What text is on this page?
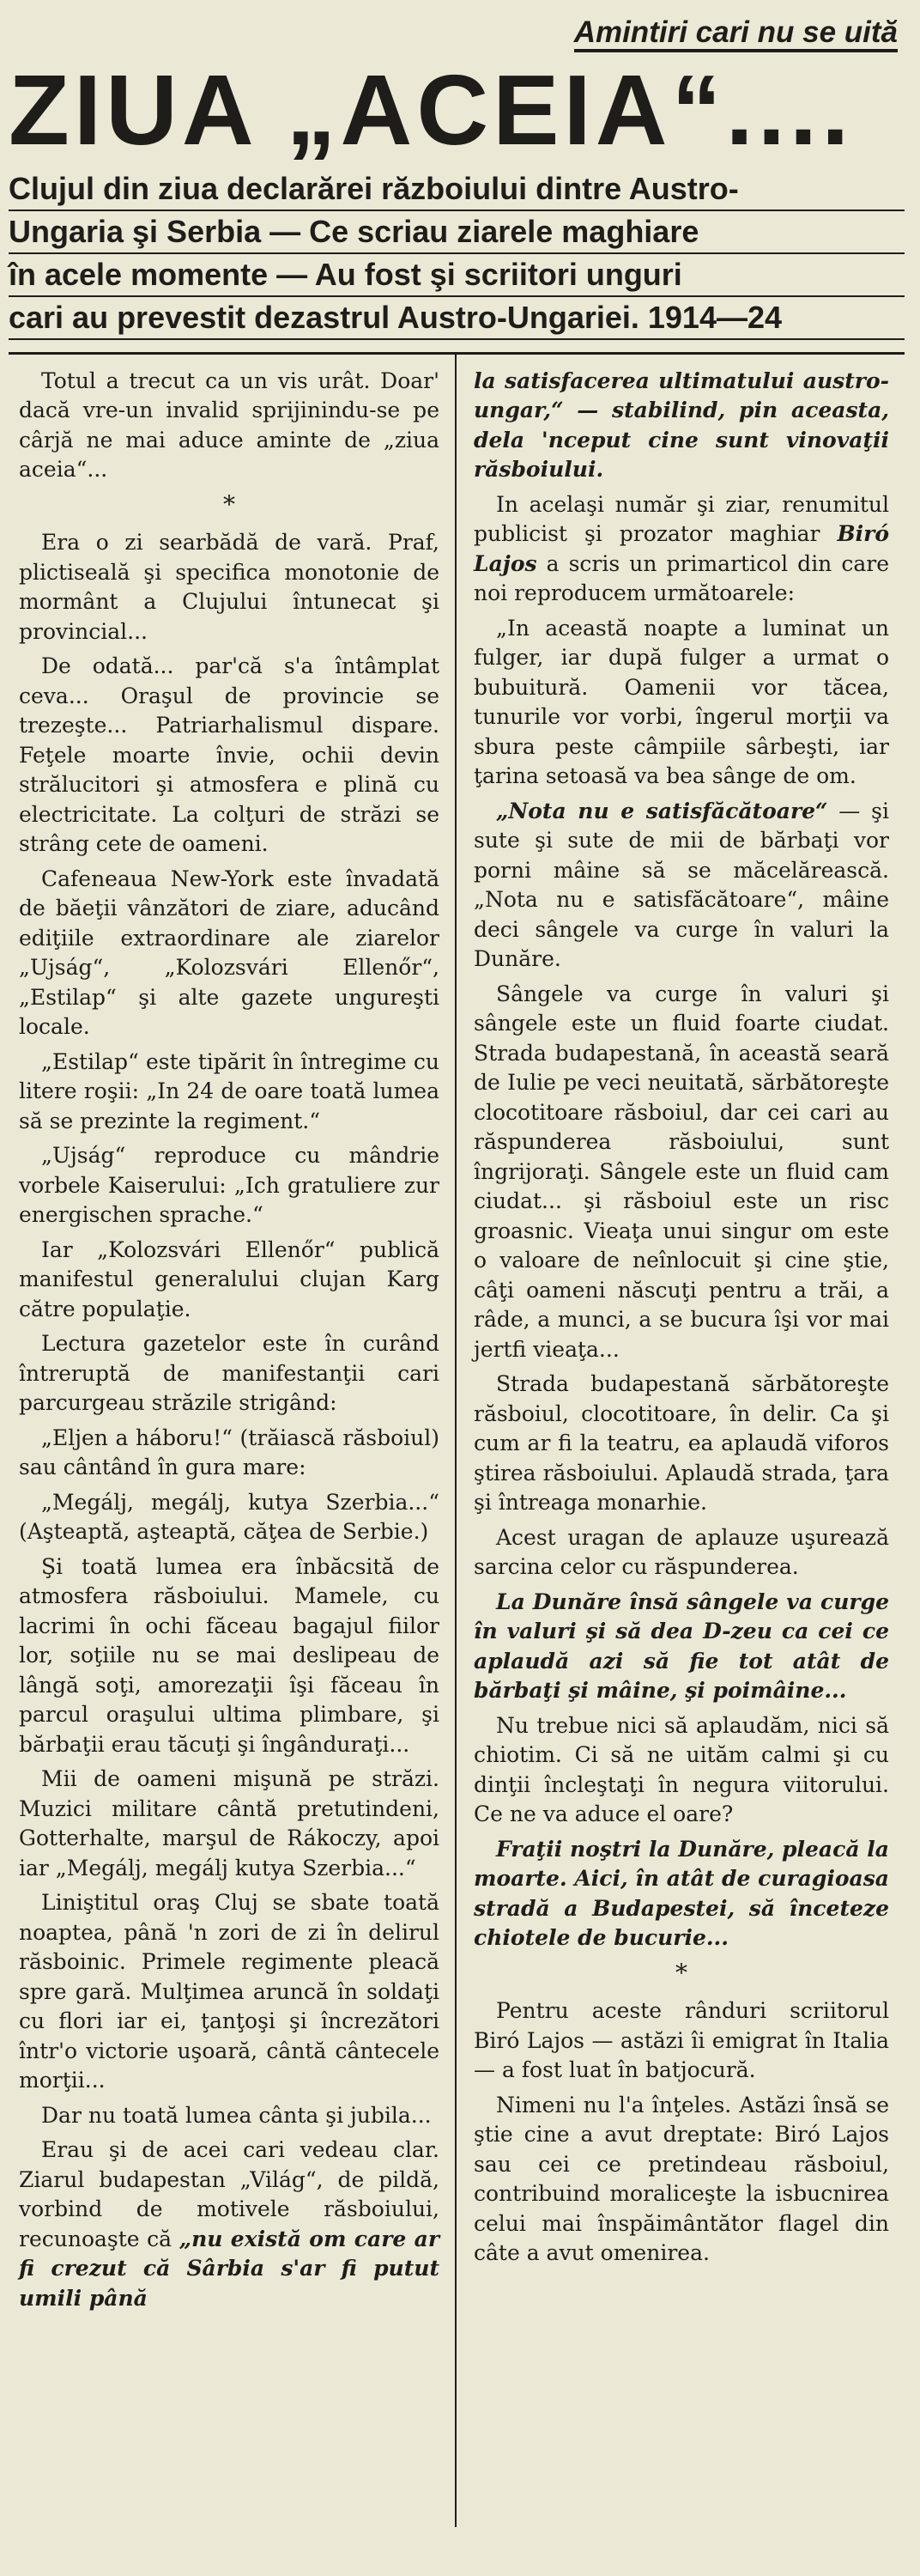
Amintiri cari nu se uită

ZIUA „ACEIA“....
Clujul din ziua declarărei războiului dintre Austro-
Ungaria şi Serbia — Ce scriau ziarele maghiare
în acele momente — Au fost şi scriitori unguri
cari au prevestit dezastrul Austro-Ungariei. 1914—24

Totul a trecut ca un vis urât. Doar' dacă vre-un invalid sprijinindu-se pe cârjă ne mai aduce aminte de „ziua aceia“...

*

Era o zi searbădă de vară. Praf, plictiseală şi specifica monotonie de mormânt a Clujului întunecat şi provincial...

De odată... par'că s'a întâmplat ceva... Oraşul de provincie se trezeşte... Patriarhalismul dispare. Feţele moarte învie, ochii devin strălucitori şi atmosfera e plină cu electricitate. La colţuri de străzi se strâng cete de oameni.

Cafeneaua New-York este învadată de băeţii vânzători de ziare, aducând ediţiile extraordinare ale ziarelor „Ujság“, „Kolozsvári Ellenőr“, „Estilap“ şi alte gazete ungureşti locale.

„Estilap“ este tipărit în întregime cu litere roşii: „In 24 de oare toată lumea să se prezinte la regiment.“

„Ujság“ reproduce cu mândrie vorbele Kaiserului: „Ich gratuliere zur energischen sprache.“

Iar „Kolozsvári Ellenőr“ publică manifestul generalului clujan Karg către populaţie.

Lectura gazetelor este în curând întreruptă de manifestanţii cari parcurgeau străzile strigând:

„Eljen a háboru!“ (trăiască răsboiul) sau cântând în gura mare:

„Megálj, megálj, kutya Szerbia...“ (Aşteaptă, aşteaptă, căţea de Serbie.)

Şi toată lumea era înbăcsită de atmosfera răsboiului. Mamele, cu lacrimi în ochi făceau bagajul fiilor lor, soţiile nu se mai deslipeau de lângă soţi, amorezaţii îşi făceau în parcul oraşului ultima plimbare, şi bărbaţii erau tăcuţi şi îngânduraţi...

Mii de oameni mişună pe străzi. Muzici militare cântă pretutindeni, Gotterhalte, marşul de Rákoczy, apoi iar „Megálj, megálj kutya Szerbia...“

Liniştitul oraş Cluj se sbate toată noaptea, până 'n zori de zi în delirul răsboinic. Primele regimente pleacă spre gară. Mulţimea aruncă în soldaţi cu flori iar ei, ţanţoşi şi încrezători într'o victorie uşoară, cântă cântecele morţii...

Dar nu toată lumea cânta şi jubila...

Erau şi de acei cari vedeau clar. Ziarul budapestan „Világ“, de pildă, vorbind de motivele răsboiului, recunoaşte că „nu există om care ar fi crezut că Sârbia s'ar fi putut umili până

la satisfacerea ultimatului austro-ungar,“ — stabilind, pin aceasta, dela 'nceput cine sunt vinovaţii răsboiului.

In acelaşi număr şi ziar, renumitul publicist şi prozator maghiar Biró Lajos a scris un primarticol din care noi reproducem următoarele:

„In această noapte a luminat un fulger, iar după fulger a urmat o bubuitură. Oamenii vor tăcea, tunurile vor vorbi, îngerul morţii va sbura peste câmpiile sârbeşti, iar ţarina setoasă va bea sânge de om.

„Nota nu e satisfăcătoare“ — şi sute şi sute de mii de bărbaţi vor porni mâine să se măcelărească. „Nota nu e satisfăcătoare“, mâine deci sângele va curge în valuri la Dunăre.

Sângele va curge în valuri şi sângele este un fluid foarte ciudat. Strada budapestană, în această seară de Iulie pe veci neuitată, sărbătoreşte clocotitoare răsboiul, dar cei cari au răspunderea răsboiului, sunt îngrijoraţi. Sângele este un fluid cam ciudat... şi răsboiul este un risc groasnic. Vieaţa unui singur om este o valoare de neînlocuit şi cine ştie, câţi oameni născuţi pentru a trăi, a râde, a munci, a se bucura îşi vor mai jertfi vieaţa...

Strada budapestană sărbătoreşte răsboiul, clocotitoare, în delir. Ca şi cum ar fi la teatru, ea aplaudă viforos ştirea răsboiului. Aplaudă strada, ţara şi întreaga monarhie.

Acest uragan de aplauze uşurează sarcina celor cu răspunderea.

La Dunăre însă sângele va curge în valuri şi să dea D-zeu ca cei ce aplaudă azi să fie tot atât de bărbaţi şi mâine, şi poimâine...

Nu trebue nici să aplaudăm, nici să chiotim. Ci să ne uităm calmi şi cu dinţii încleştaţi în negura viitorului. Ce ne va aduce el oare?

Fraţii noştri la Dunăre, pleacă la moarte. Aici, în atât de curagioasa stradă a Budapestei, să înceteze chiotele de bucurie...

*

Pentru aceste rânduri scriitorul Biró Lajos — astăzi îi emigrat în Italia — a fost luat în batjocură.

Nimeni nu l'a înţeles. Astăzi însă se ştie cine a avut dreptate: Biró Lajos sau cei ce pretindeau răsboiul, contribuind moraliceşte la isbucnirea celui mai înspăimântător flagel din câte a avut omenirea.
